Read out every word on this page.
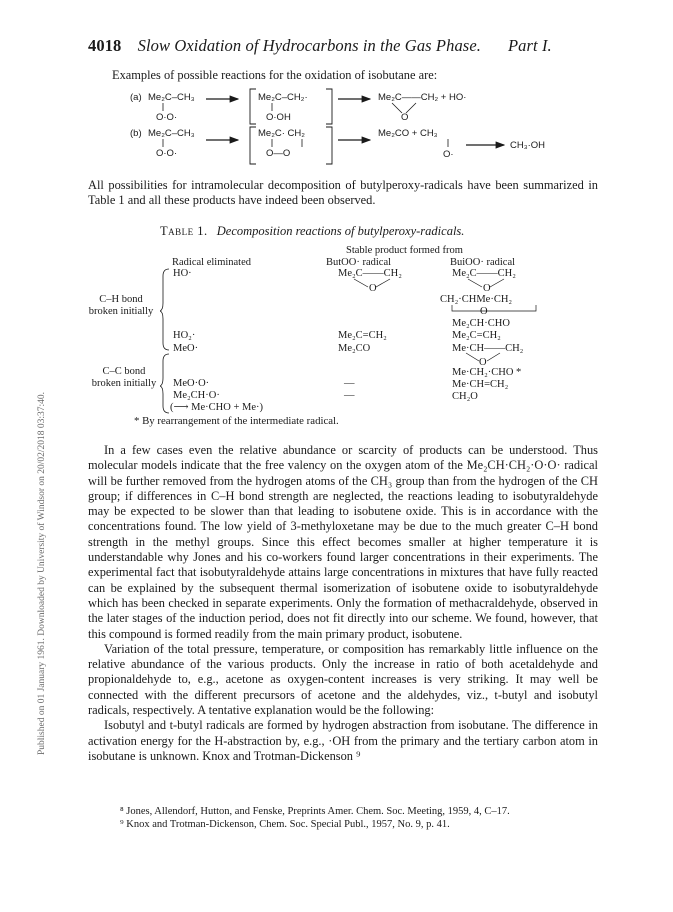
Published on 01 January 1961. Downloaded by University of Windsor on 20/02/2018 03:37:40.
4018 Slow Oxidation of Hydrocarbons in the Gas Phase. Part I.
Examples of possible reactions for the oxidation of isobutane are:
(a) Me₂C–CH₃
O·O·
Me₂C–CH₂·
O·OH
Me₂C——CH₂ + HO·
O
(b) Me₂C–CH₃
O·O·
Me₂C· CH₂
O—O
Me₂CO + CH₃
O·
CH₃·OH
All possibilities for intramolecular decomposition of butylperoxy-radicals have been summarized in Table 1 and all these products have indeed been observed.
Table 1. Decomposition reactions of butylperoxy-radicals.
Stable product formed from
Radical eliminated	ButOO· radical	BuiOO· radical
C–H bond broken initially
C–C bond broken initially
HO·
HO₂·
MeO·
MeO·O·
Me₂CH·O·
(⟶ Me·CHO + Me·)
Me₂C——CH₂
O
Me₂C=CH₂
Me₂CO
—
—
Me₂C——CH₂
O
CH₂·CHMe·CH₂
O
Me₂CH·CHO
Me₂C=CH₂
Me·CH——CH₂
O
Me·CH₂·CHO *
Me·CH=CH₂
CH₂O
* By rearrangement of the intermediate radical.

In a few cases even the relative abundance or scarcity of products can be understood. Thus molecular models indicate that the free valency on the oxygen atom of the Me₂CH·CH₂·O·O· radical will be further removed from the hydrogen atoms of the CH₃ group than from the hydrogen of the CH group; if differences in C–H bond strength are neglected, the reactions leading to isobutyraldehyde may be expected to be slower than that leading to isobutene oxide. This is in accordance with the concentrations found. The low yield of 3-methyloxetane may be due to the much greater C–H bond strength in the methyl groups. Since this effect becomes smaller at higher temperature it is understandable why Jones and his co-workers found larger concentrations in their experiments. The experimental fact that isobutyraldehyde attains large concentrations in mixtures that have fully reacted can be explained by the subsequent thermal isomerization of isobutene oxide to isobutyraldehyde which has been checked in separate experiments. Only the formation of methacraldehyde, observed in the later stages of the induction period, does not fit directly into our scheme. We found, however, that this compound is formed readily from the main primary product, isobutene.

Variation of the total pressure, temperature, or composition has remarkably little influence on the relative abundance of the various products. Only the increase in ratio of both acetaldehyde and propionaldehyde to, e.g., acetone as oxygen-content increases is very striking. It may well be connected with the different precursors of acetone and the aldehydes, viz., t-butyl and isobutyl radicals, respectively. A tentative explanation would be the following:

Isobutyl and t-butyl radicals are formed by hydrogen abstraction from isobutane. The difference in activation energy for the H-abstraction by, e.g., ·OH from the primary and the tertiary carbon atom in isobutane is unknown. Knox and Trotman-Dickenson ⁹

⁸ Jones, Allendorf, Hutton, and Fenske, Preprints Amer. Chem. Soc. Meeting, 1959, 4, C–17.
⁹ Knox and Trotman-Dickenson, Chem. Soc. Special Publ., 1957, No. 9, p. 41.
